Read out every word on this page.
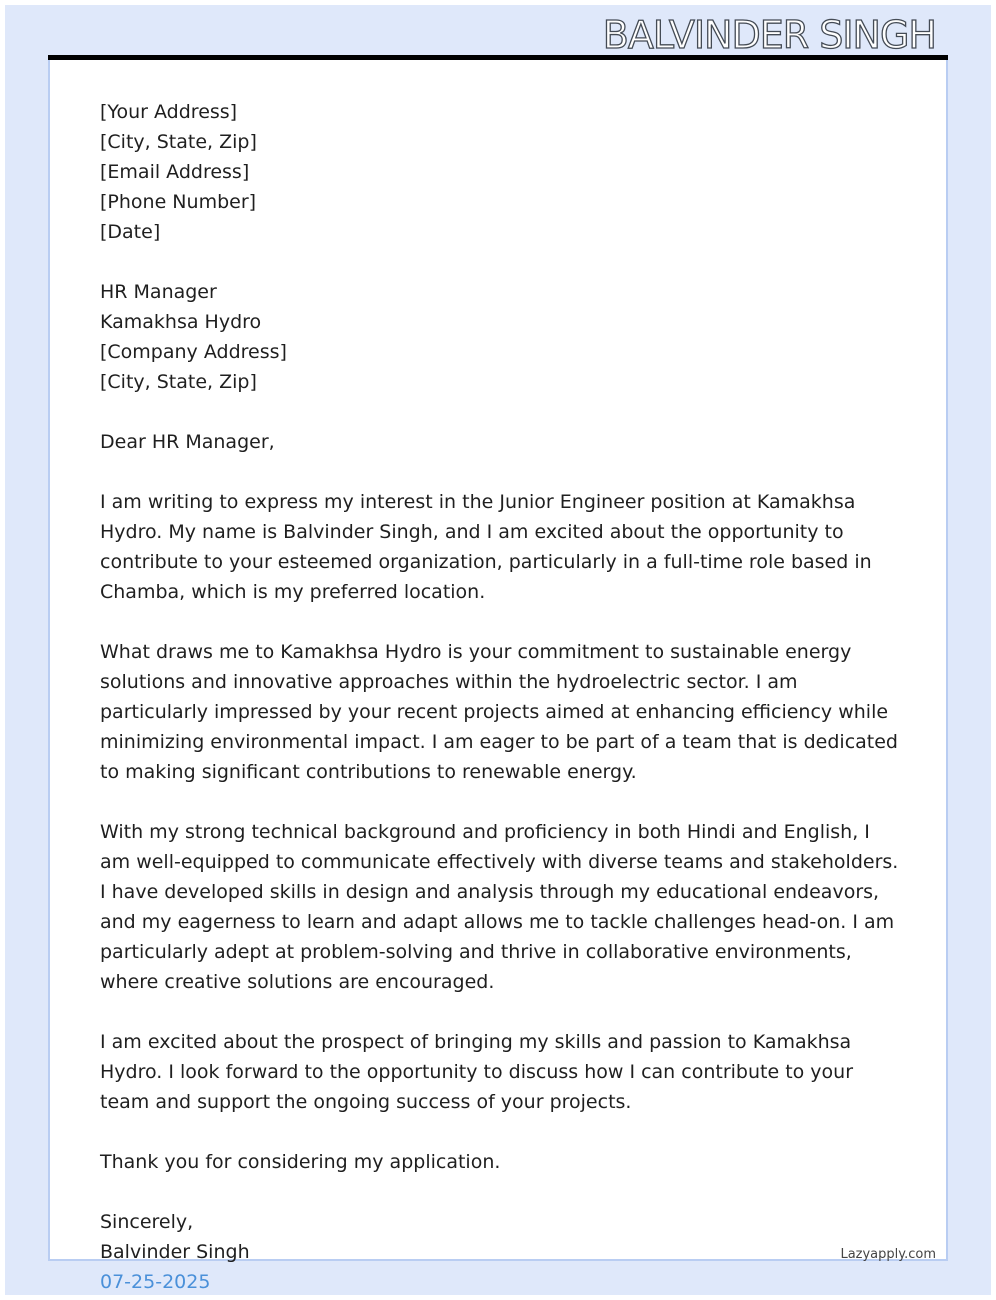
BALVINDER SINGH
[Your Address]
[City, State, Zip]
[Email Address]
[Phone Number]
[Date]
HR Manager
Kamakhsa Hydro
[Company Address]
[City, State, Zip]

Dear HR Manager,

I am writing to express my interest in the Junior Engineer position at Kamakhsa Hydro. My name is Balvinder Singh, and I am excited about the opportunity to contribute to your esteemed organization, particularly in a full-time role based in Chamba, which is my preferred location.

What draws me to Kamakhsa Hydro is your commitment to sustainable energy solutions and innovative approaches within the hydroelectric sector. I am particularly impressed by your recent projects aimed at enhancing efficiency while minimizing environmental impact. I am eager to be part of a team that is dedicated to making significant contributions to renewable energy.

With my strong technical background and proficiency in both Hindi and English, I am well-equipped to communicate effectively with diverse teams and stakeholders. I have developed skills in design and analysis through my educational endeavors, and my eagerness to learn and adapt allows me to tackle challenges head-on. I am particularly adept at problem-solving and thrive in collaborative environments, where creative solutions are encouraged.

I am excited about the prospect of bringing my skills and passion to Kamakhsa Hydro. I look forward to the opportunity to discuss how I can contribute to your team and support the ongoing success of your projects.

Thank you for considering my application.

Sincerely,
Balvinder Singh
07-25-2025
Lazyapply.com
